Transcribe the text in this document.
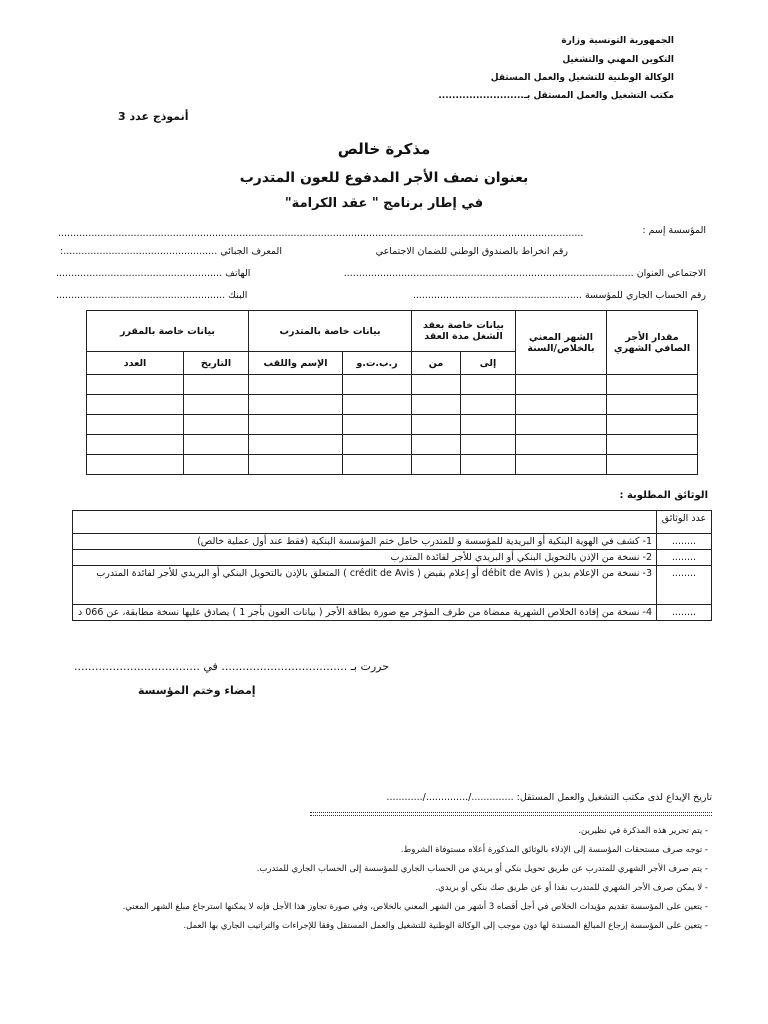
الجمهورية التونسية وزارة
التكوين المهني والتشغيل
الوكالة الوطنية للتشغيل والعمل المستقل
مكتب التشغيل والعمل المستقل بـ.........................
أنموذج عدد 3
مذكرة خالص
بعنوان نصف الأجر المدفوع للعون المتدرب
في إطار برنامج " عقد الكرامة"
المؤسسة إسم :
..............................................................................................................................................................................
رقم انخراط بالصندوق الوطني للضمان الاجتماعي
المعرف الجبائي ...................................................:
الاجتماعي العنوان ................................................................................................
الهاتف .......................................................
رقم الحساب الجاري للمؤسسة ........................................................
البنك ........................................................
مقدار الأجر الصافي الشهري	الشهر المعني بالخلاص/السنة	بيانات خاصة بعقد الشغل مدة العقد		بيانات خاصة بالمتدرب		بيانات خاصة بالمقرر	
		إلى	من	ر.ب.ت.و	الإسم واللقب	التاريخ	العدد

الوثائق المطلوبة :
عدد الوثائق	
........	1- كشف في الهوية البنكية أو البريدية للمؤسسة و للمتدرب حامل ختم المؤسسة البنكية (فقط عند أول عملية خالص)
........	2- نسخة من الإذن بالتحويل البنكي أو البريدي للأجر لفائدة المتدرب
........	3- نسخة من الإعلام بدين ( débit de Avis أو إعلام بقبض ( crédit de Avis ) المتعلق بالإذن بالتحويل البنكي أو البريدي للأجر لفائدة المتدرب
........	4- نسخة من إفادة الخلاص الشهرية ممضاة من طرف المؤجر مع صورة بطاقة الأجر ( بيانات العون بأجر 1 ) يصادق عليها نسخة مطابقة، عن 066 د
حررت بـ .................................... في ....................................
إمضاء وختم المؤسسة
تاريخ الإيداع لدى مكتب التشغيل والعمل المستقل: ............../............../............
- يتم تحرير هذه المذكرة في نظيرين.
- توجه صرف مستحقات المؤسسة إلى الإدلاء بالوثائق المذكورة أعلاه مستوفاة الشروط.
- يتم صرف الأجر الشهري للمتدرب عن طريق تحويل بنكي أو بريدي من الحساب الجاري للمؤسسة إلى الحساب الجاري للمتدرب.
- لا يمكن صرف الأجر الشهري للمتدرب نقدا أو عن طريق صك بنكي أو بريدي.
- يتعين على المؤسسة تقديم مؤيدات الخلاص في أجل أقصاه 3 أشهر من الشهر المعني بالخلاص، وفي صورة تجاوز هذا الأجل فإنه لا يمكنها استرجاع مبلغ الشهر المعني.
- يتعين على المؤسسة إرجاع المبالغ المسندة لها دون موجب إلى الوكالة الوطنية للتشغيل والعمل المستقل وفقا للإجراءات والتراتيب الجاري بها العمل.
